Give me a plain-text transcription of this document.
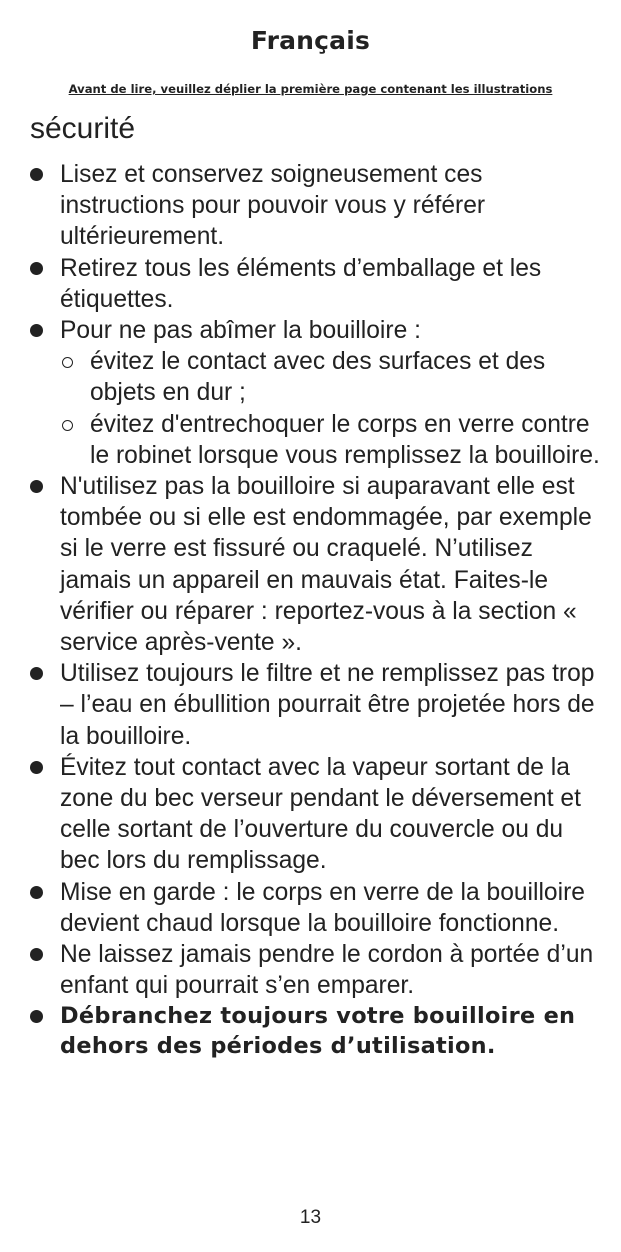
Français
Avant de lire, veuillez déplier la première page contenant les illustrations
sécurité
Lisez et conservez soigneusement ces instructions pour pouvoir vous y référer ultérieurement.
Retirez tous les éléments d’emballage et les étiquettes.
Pour ne pas abîmer la bouilloire :
évitez le contact avec des surfaces et des objets en dur ;
évitez d'entrechoquer le corps en verre contre le robinet lorsque vous remplissez la bouilloire.
N'utilisez pas la bouilloire si auparavant elle est tombée ou si elle est endommagée, par exemple si le verre est fissuré ou craquelé. N’utilisez jamais un appareil en mauvais état. Faites-le vérifier ou réparer : reportez-vous à la section « service après-vente ».
Utilisez toujours le filtre et ne remplissez pas trop – l’eau en ébullition pourrait être projetée hors de la bouilloire.
Évitez tout contact avec la vapeur sortant de la zone du bec verseur pendant le déversement et celle sortant de l’ouverture du couvercle ou du bec lors du remplissage.
Mise en garde : le corps en verre de la bouilloire devient chaud lorsque la bouilloire fonctionne.
Ne laissez jamais pendre le cordon à portée d’un enfant qui pourrait s’en emparer.
Débranchez toujours votre bouilloire en dehors des périodes d’utilisation.
13
